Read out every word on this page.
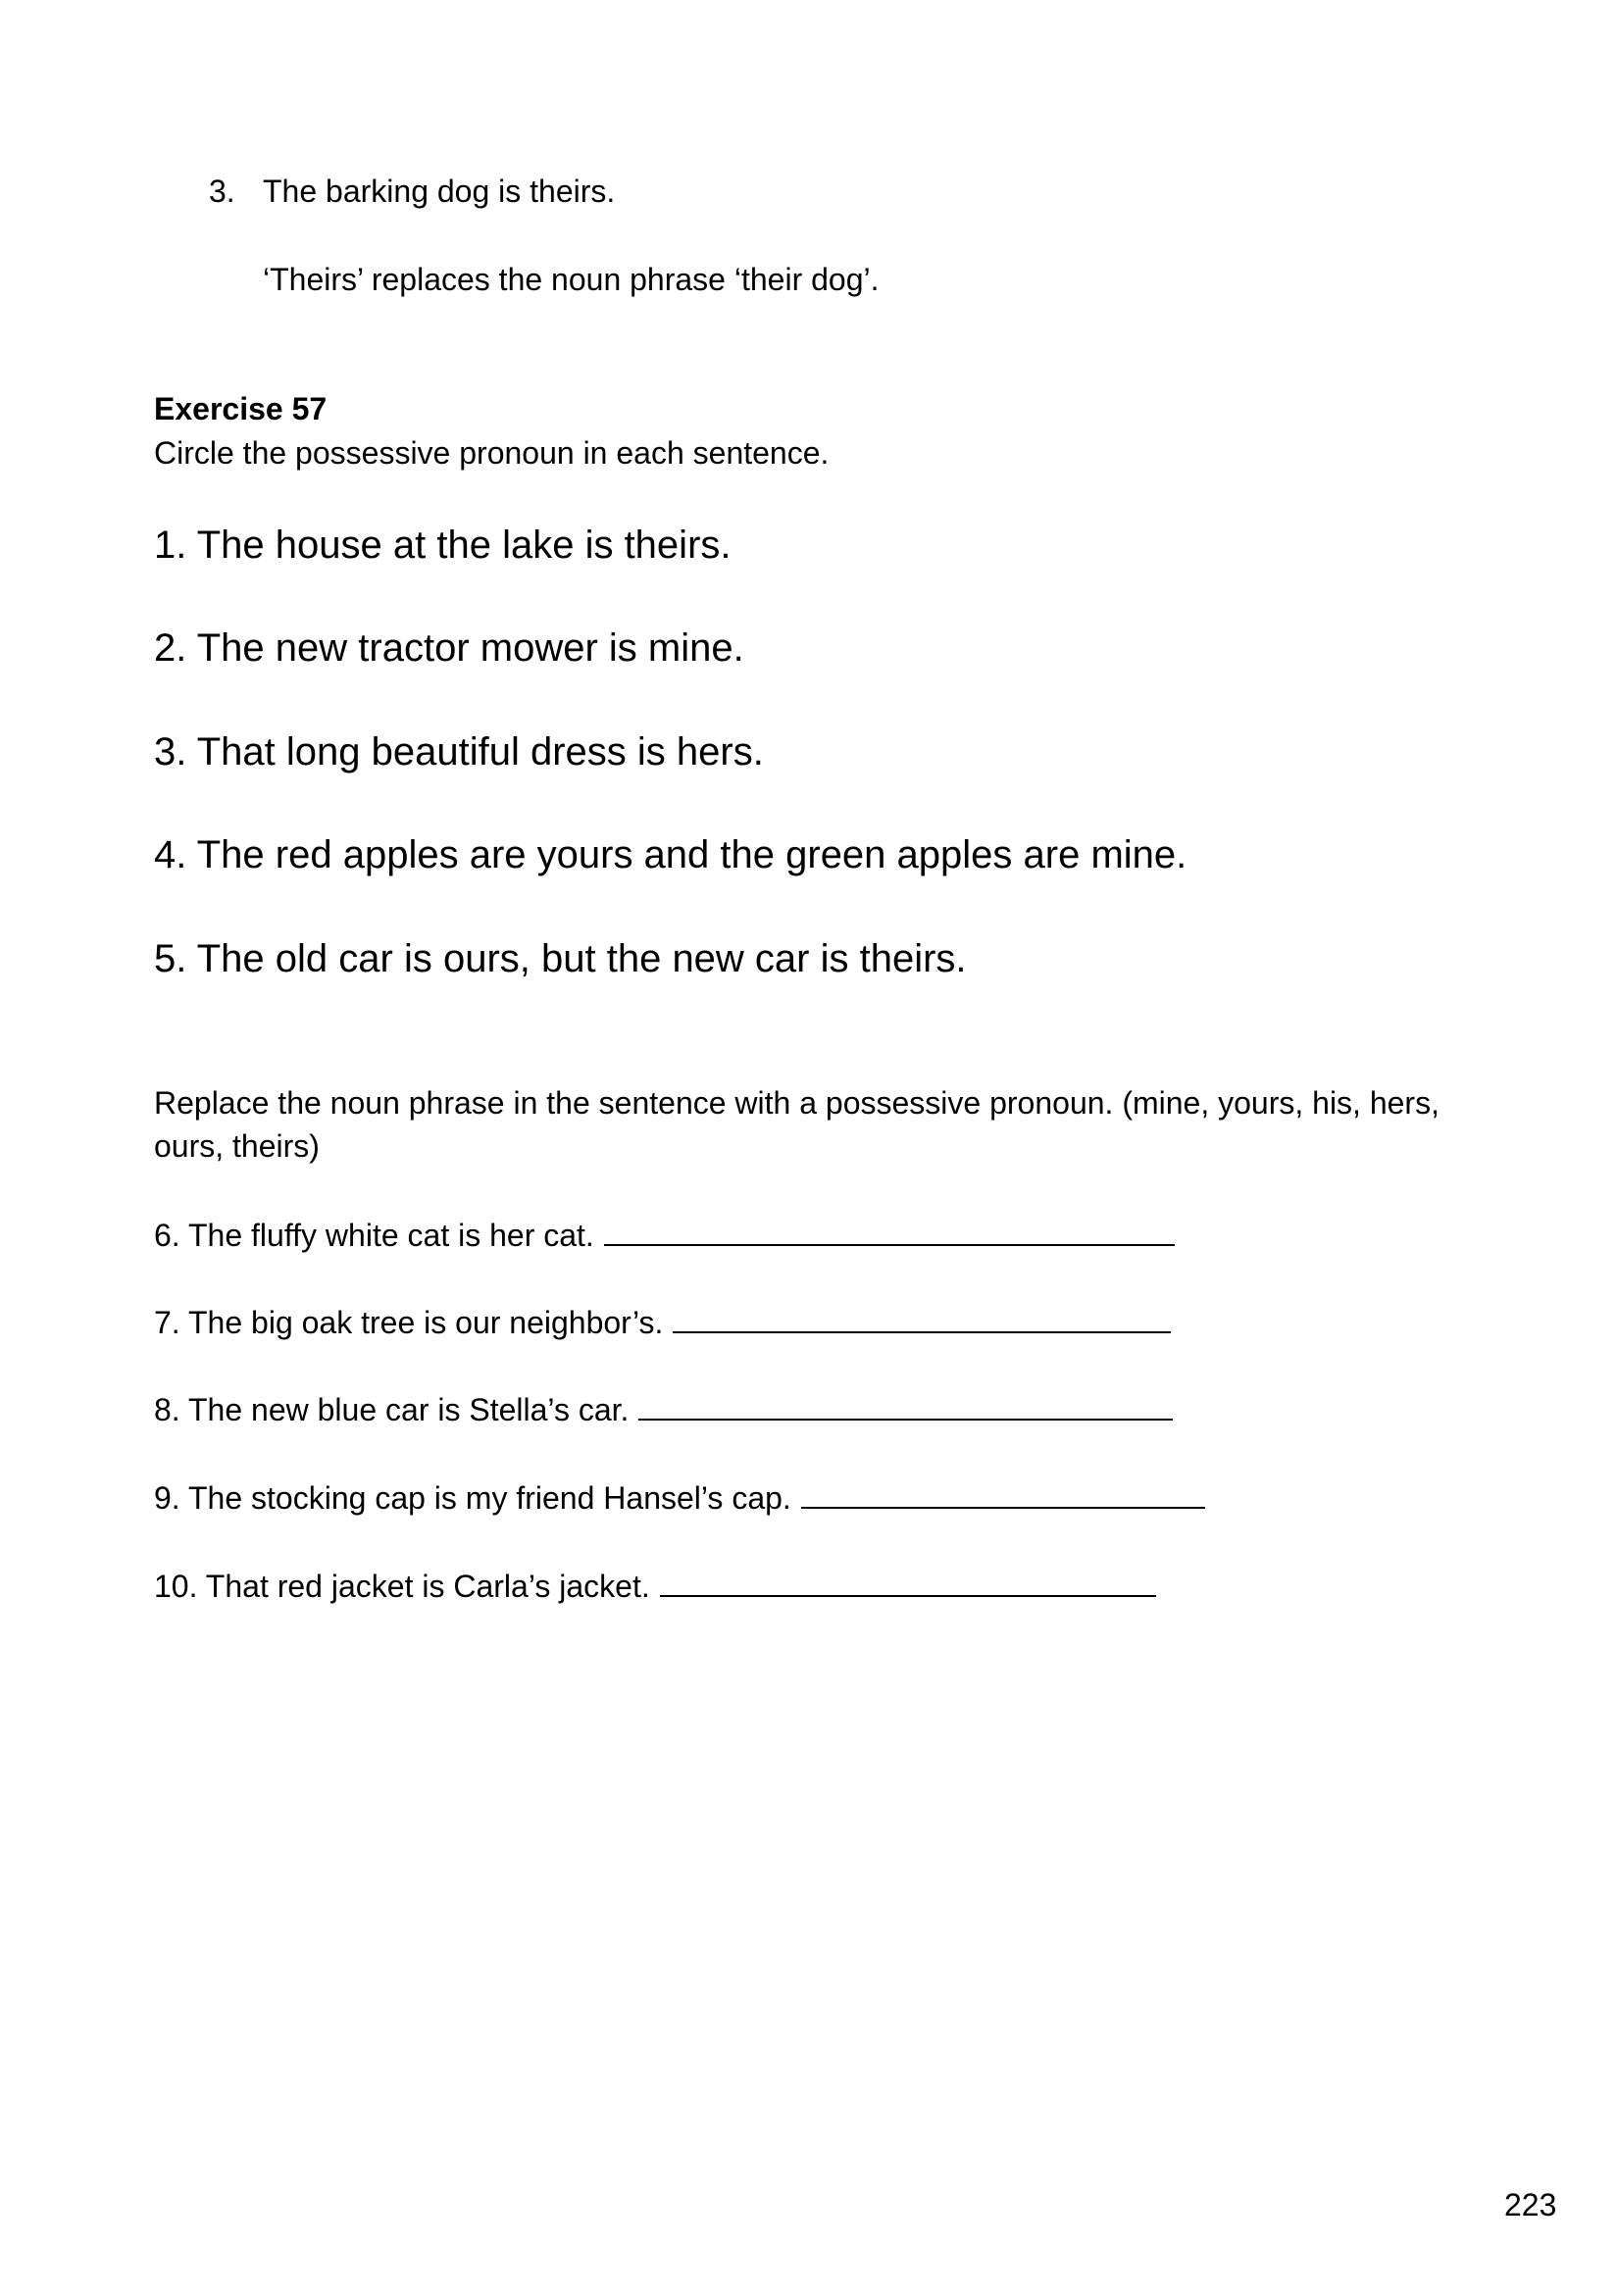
3. The barking dog is theirs.
‘Theirs’ replaces the noun phrase ‘their dog’.
Exercise 57
Circle the possessive pronoun in each sentence.
1. The house at the lake is theirs.
2. The new tractor mower is mine.
3. That long beautiful dress is hers.
4. The red apples are yours and the green apples are mine.
5. The old car is ours, but the new car is theirs.
Replace the noun phrase in the sentence with a possessive pronoun. (mine, yours, his, hers,
ours, theirs)
6. The fluffy white cat is her cat.
7. The big oak tree is our neighbor’s.
8. The new blue car is Stella’s car.
9. The stocking cap is my friend Hansel’s cap.
10. That red jacket is Carla’s jacket.
223
